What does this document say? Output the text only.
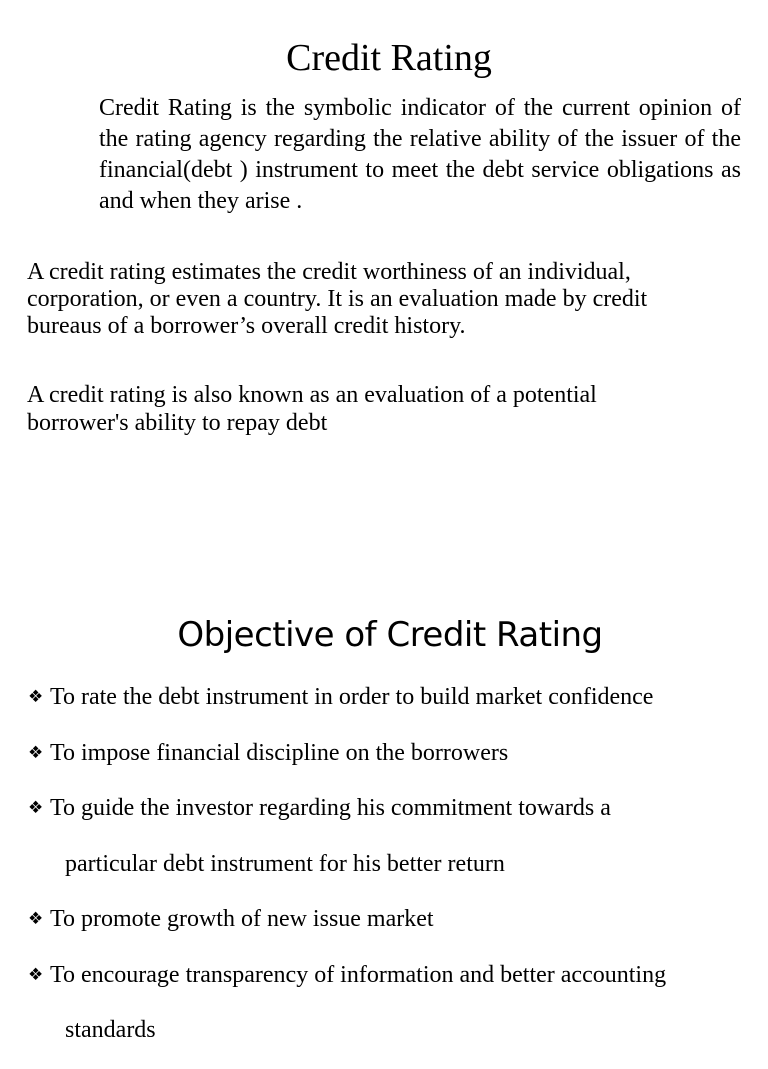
Credit Rating

Credit Rating is the symbolic indicator of the current opinion of the rating agency regarding the relative ability of the issuer of the financial(debt ) instrument to meet the debt service obligations as and when they arise .

A credit rating estimates the credit worthiness of an individual,
corporation, or even a country. It is an evaluation made by credit
bureaus of a borrower’s overall credit history.

A credit rating is also known as an evaluation of a potential
borrower's ability to repay debt

Objective of Credit Rating
❖ To rate the debt instrument in order to build market confidence
❖ To impose financial discipline on the borrowers
❖ To guide the investor regarding his commitment towards a
particular debt instrument for his better return
❖ To promote growth of new issue market
❖ To encourage transparency of information and better accounting
standards
